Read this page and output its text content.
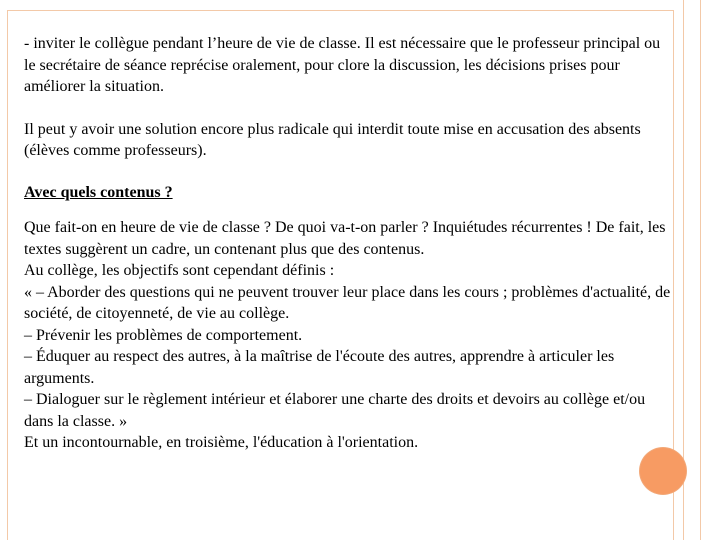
- inviter le collègue pendant l’heure de vie de classe. Il est nécessaire que le professeur principal ou le secrétaire de séance reprécise oralement, pour clore la discussion, les décisions prises pour améliorer la situation.

Il peut y avoir une solution encore plus radicale qui interdit toute mise en accusation des absents (élèves comme professeurs).

Avec quels contenus ?

Que fait-on en heure de vie de classe ? De quoi va-t-on parler ? Inquiétudes récurrentes ! De fait, les textes suggèrent un cadre, un contenant plus que des contenus.

Au collège, les objectifs sont cependant définis :

« – Aborder des questions qui ne peuvent trouver leur place dans les cours ; problèmes d'actualité, de société, de citoyenneté, de vie au collège.

– Prévenir les problèmes de comportement.

– Éduquer au respect des autres, à la maîtrise de l'écoute des autres, apprendre à articuler les arguments.

– Dialoguer sur le règlement intérieur et élaborer une charte des droits et devoirs au collège et/ou dans la classe. »

Et un incontournable, en troisième, l'éducation à l'orientation.
